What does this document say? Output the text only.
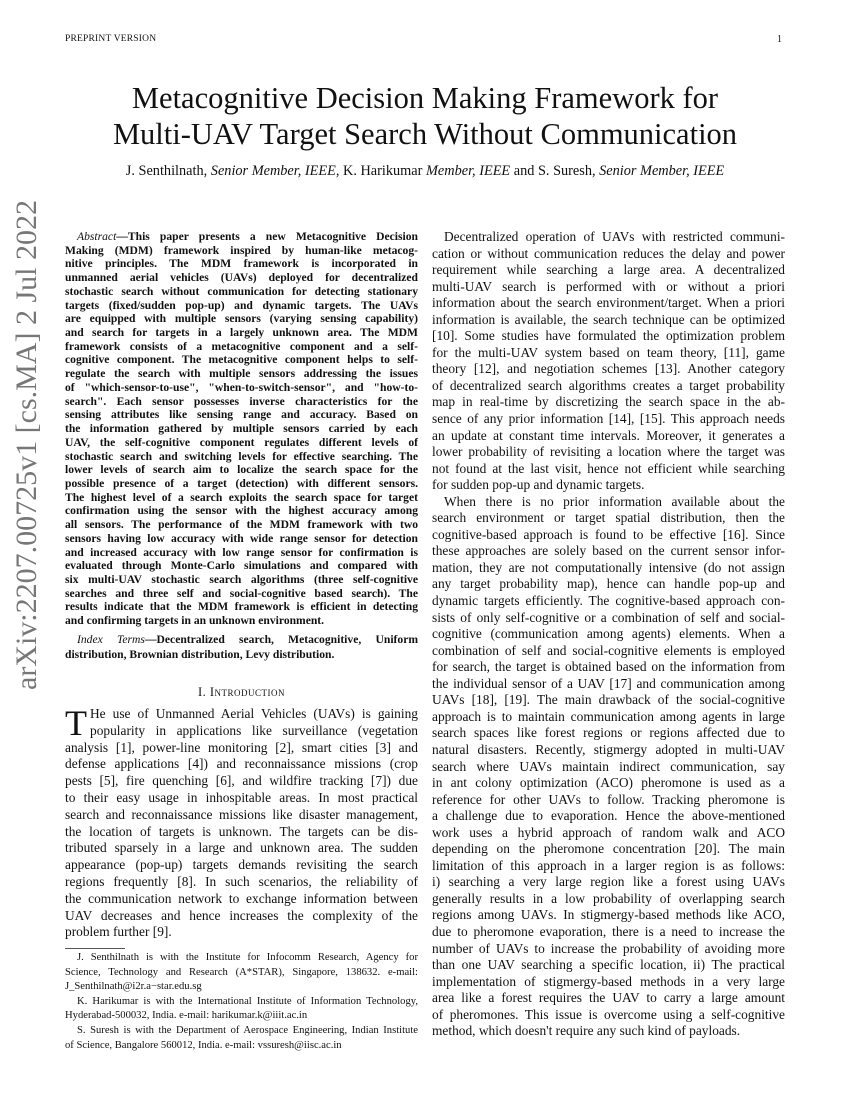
PREPRINT VERSION	1
Metacognitive Decision Making Framework for
Multi-UAV Target Search Without Communication
J. Senthilnath, Senior Member, IEEE, K. Harikumar Member, IEEE and S. Suresh, Senior Member, IEEE
arXiv:2207.00725v1 [cs.MA] 2 Jul 2022	Abstract—This paper presents a new Metacognitive Decision
Making (MDM) framework inspired by human-like metacog-
nitive principles. The MDM framework is incorporated in
unmanned aerial vehicles (UAVs) deployed for decentralized
stochastic search without communication for detecting stationary
targets (fixed/sudden pop-up) and dynamic targets. The UAVs
are equipped with multiple sensors (varying sensing capability)
and search for targets in a largely unknown area. The MDM
framework consists of a metacognitive component and a self-
cognitive component. The metacognitive component helps to self-
regulate the search with multiple sensors addressing the issues
of "which-sensor-to-use", "when-to-switch-sensor", and "how-to-
search". Each sensor possesses inverse characteristics for the
sensing attributes like sensing range and accuracy. Based on
the information gathered by multiple sensors carried by each
UAV, the self-cognitive component regulates different levels of
stochastic search and switching levels for effective searching. The
lower levels of search aim to localize the search space for the
possible presence of a target (detection) with different sensors.
The highest level of a search exploits the search space for target
confirmation using the sensor with the highest accuracy among
all sensors. The performance of the MDM framework with two
sensors having low accuracy with wide range sensor for detection
and increased accuracy with low range sensor for confirmation is
evaluated through Monte-Carlo simulations and compared with
six multi-UAV stochastic search algorithms (three self-cognitive
searches and three self and social-cognitive based search). The
results indicate that the MDM framework is efficient in detecting
and confirming targets in an unknown environment.
Index Terms—Decentralized search, Metacognitive, Uniform
distribution, Brownian distribution, Levy distribution.
I. Introduction
T He use of Unmanned Aerial Vehicles (UAVs) is gaining
popularity in applications like surveillance (vegetation
analysis [1], power-line monitoring [2], smart cities [3] and
defense applications [4]) and reconnaissance missions (crop
pests [5], fire quenching [6], and wildfire tracking [7]) due
to their easy usage in inhospitable areas. In most practical
search and reconnaissance missions like disaster management,
the location of targets is unknown. The targets can be dis-
tributed sparsely in a large and unknown area. The sudden
appearance (pop-up) targets demands revisiting the search
regions frequently [8]. In such scenarios, the reliability of
the communication network to exchange information between
UAV decreases and hence increases the complexity of the
problem further [9].
J. Senthilnath is with the Institute for Infocomm Research, Agency for
Science, Technology and Research (A*STAR), Singapore, 138632. e-mail:
J_Senthilnath@i2r.a−star.edu.sg
K. Harikumar is with the International Institute of Information Technology,
Hyderabad-500032, India. e-mail: harikumar.k@iiit.ac.in
S. Suresh is with the Department of Aerospace Engineering, Indian Institute
of Science, Bangalore 560012, India. e-mail: vssuresh@iisc.ac.in
Decentralized operation of UAVs with restricted communi-
cation or without communication reduces the delay and power
requirement while searching a large area. A decentralized
multi-UAV search is performed with or without a priori
information about the search environment/target. When a priori
information is available, the search technique can be optimized
[10]. Some studies have formulated the optimization problem
for the multi-UAV system based on team theory, [11], game
theory [12], and negotiation schemes [13]. Another category
of decentralized search algorithms creates a target probability
map in real-time by discretizing the search space in the ab-
sence of any prior information [14], [15]. This approach needs
an update at constant time intervals. Moreover, it generates a
lower probability of revisiting a location where the target was
not found at the last visit, hence not efficient while searching
for sudden pop-up and dynamic targets.
When there is no prior information available about the
search environment or target spatial distribution, then the
cognitive-based approach is found to be effective [16]. Since
these approaches are solely based on the current sensor infor-
mation, they are not computationally intensive (do not assign
any target probability map), hence can handle pop-up and
dynamic targets efficiently. The cognitive-based approach con-
sists of only self-cognitive or a combination of self and social-
cognitive (communication among agents) elements. When a
combination of self and social-cognitive elements is employed
for search, the target is obtained based on the information from
the individual sensor of a UAV [17] and communication among
UAVs [18], [19]. The main drawback of the social-cognitive
approach is to maintain communication among agents in large
search spaces like forest regions or regions affected due to
natural disasters. Recently, stigmergy adopted in multi-UAV
search where UAVs maintain indirect communication, say
in ant colony optimization (ACO) pheromone is used as a
reference for other UAVs to follow. Tracking pheromone is
a challenge due to evaporation. Hence the above-mentioned
work uses a hybrid approach of random walk and ACO
depending on the pheromone concentration [20]. The main
limitation of this approach in a larger region is as follows:
i) searching a very large region like a forest using UAVs
generally results in a low probability of overlapping search
regions among UAVs. In stigmergy-based methods like ACO,
due to pheromone evaporation, there is a need to increase the
number of UAVs to increase the probability of avoiding more
than one UAV searching a specific location, ii) The practical
implementation of stigmergy-based methods in a very large
area like a forest requires the UAV to carry a large amount
of pheromones. This issue is overcome using a self-cognitive
method, which doesn't require any such kind of payloads.
